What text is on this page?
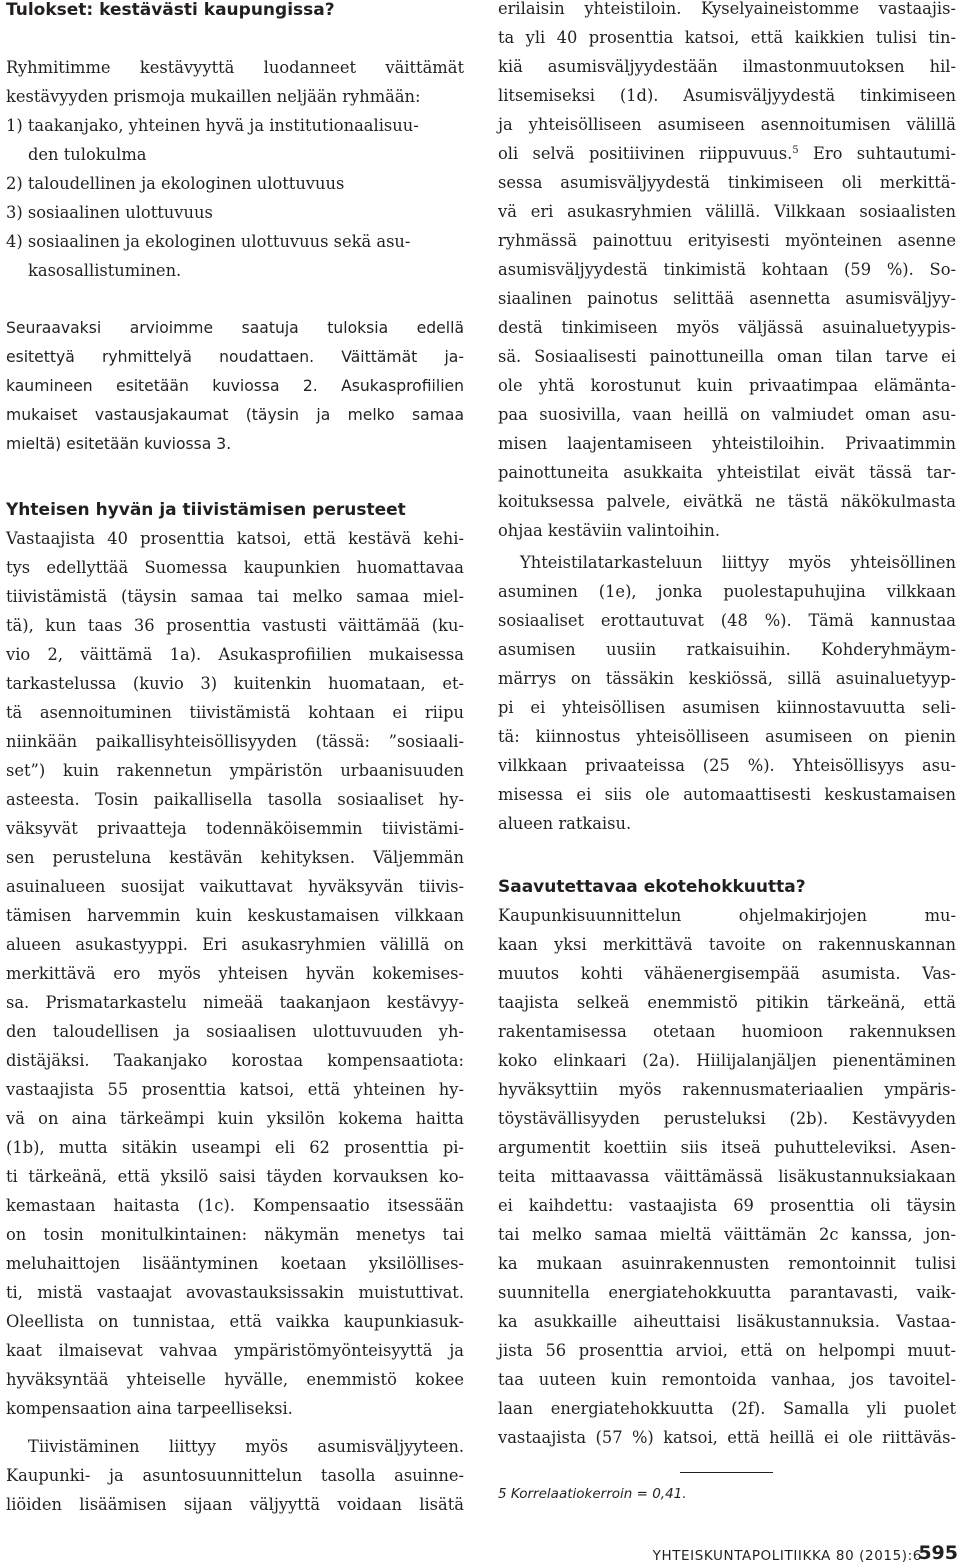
Tulokset: kestävästi kaupungissa?
Ryhmitimme kestävyyttä luodanneet väittämät
kestävyyden prismoja mukaillen neljään ryhmään:
1) taakanjako, yhteinen hyvä ja institutionaalisuu-
den tulokulma
2) taloudellinen ja ekologinen ulottuvuus
3) sosiaalinen ulottuvuus
4) sosiaalinen ja ekologinen ulottuvuus sekä asu-
kasosallistuminen.
Seuraavaksi arvioimme saatuja tuloksia edellä
esitettyä ryhmittelyä noudattaen. Väittämät ja-
kaumineen esitetään kuviossa 2. Asukasprofiilien
mukaiset vastausjakaumat (täysin ja melko samaa
mieltä) esitetään kuviossa 3.
Yhteisen hyvän ja tiivistämisen perusteet
Vastaajista 40 prosenttia katsoi, että kestävä kehi-
tys edellyttää Suomessa kaupunkien huomattavaa
tiivistämistä (täysin samaa tai melko samaa miel-
tä), kun taas 36 prosenttia vastusti väittämää (ku-
vio 2, väittämä 1a). Asukasprofiilien mukaisessa
tarkastelussa (kuvio 3) kuitenkin huomataan, et-
tä asennoituminen tiivistämistä kohtaan ei riipu
niinkään paikallisyhteisöllisyyden (tässä: ”sosiaali-
set”) kuin rakennetun ympäristön urbaanisuuden
asteesta. Tosin paikallisella tasolla sosiaaliset hy-
väksyvät privaatteja todennäköisemmin tiivistämi-
sen perusteluna kestävän kehityksen. Väljemmän
asuinalueen suosijat vaikuttavat hyväksyvän tiivis-
tämisen harvemmin kuin keskustamaisen vilkkaan
alueen asukastyyppi. Eri asukasryhmien välillä on
merkittävä ero myös yhteisen hyvän kokemises-
sa. Prismatarkastelu nimeää taakanjaon kestävyy-
den taloudellisen ja sosiaalisen ulottuvuuden yh-
distäjäksi. Taakanjako korostaa kompensaatiota:
vastaajista 55 prosenttia katsoi, että yhteinen hy-
vä on aina tärkeämpi kuin yksilön kokema haitta
(1b), mutta sitäkin useampi eli 62 prosenttia pi-
ti tärkeänä, että yksilö saisi täyden korvauksen ko-
kemastaan haitasta (1c). Kompensaatio itsessään
on tosin monitulkintainen: näkymän menetys tai
meluhaittojen lisääntyminen koetaan yksilöllises-
ti, mistä vastaajat avovastauksissakin muistuttivat.
Oleellista on tunnistaa, että vaikka kaupunkiasuk-
kaat ilmaisevat vahvaa ympäristömyönteisyyttä ja
hyväksyntää yhteiselle hyvälle, enemmistö kokee
kompensaation aina tarpeelliseksi.
Tiivistäminen liittyy myös asumisväljyyteen.
Kaupunki- ja asuntosuunnittelun tasolla asuinne-
liöiden lisäämisen sijaan väljyyttä voidaan lisätä
erilaisin yhteistiloin. Kyselyaineistomme vastaajis-
ta yli 40 prosenttia katsoi, että kaikkien tulisi tin-
kiä asumisväljyydestään ilmastonmuutoksen hil-
litsemiseksi (1d). Asumisväljyydestä tinkimiseen
ja yhteisölliseen asumiseen asennoitumisen välillä
oli selvä positiivinen riippuvuus.$^5$ Ero suhtautumi-
sessa asumisväljyydestä tinkimiseen oli merkittä-
vä eri asukasryhmien välillä. Vilkkaan sosiaalisten
ryhmässä painottuu erityisesti myönteinen asenne
asumisväljyydestä tinkimistä kohtaan (59 %). So-
siaalinen painotus selittää asennetta asumisväljyy-
destä tinkimiseen myös väljässä asuinaluetyypis-
sä. Sosiaalisesti painottuneilla oman tilan tarve ei
ole yhtä korostunut kuin privaatimpaa elämänta-
paa suosivilla, vaan heillä on valmiudet oman asu-
misen laajentamiseen yhteistiloihin. Privaatimmin
painottuneita asukkaita yhteistilat eivät tässä tar-
koituksessa palvele, eivätkä ne tästä näkökulmasta
ohjaa kestäviin valintoihin.
Yhteistilatarkasteluun liittyy myös yhteisöllinen
asuminen (1e), jonka puolestapuhujina vilkkaan
sosiaaliset erottautuvat (48 %). Tämä kannustaa
asumisen uusiin ratkaisuihin. Kohderyhmäym-
märrys on tässäkin keskiössä, sillä asuinaluetyyp-
pi ei yhteisöllisen asumisen kiinnostavuutta seli-
tä: kiinnostus yhteisölliseen asumiseen on pienin
vilkkaan privaateissa (25 %). Yhteisöllisyys asu-
misessa ei siis ole automaattisesti keskustamaisen
alueen ratkaisu.
Saavutettavaa ekotehokkuutta?
Kaupunkisuunnittelun ohjelmakirjojen mu-
kaan yksi merkittävä tavoite on rakennuskannan
muutos kohti vähäenergisempää asumista. Vas-
taajista selkeä enemmistö pitikin tärkeänä, että
rakentamisessa otetaan huomioon rakennuksen
koko elinkaari (2a). Hiilijalanjäljen pienentäminen
hyväksyttiin myös rakennusmateriaalien ympäris-
töystävällisyyden perusteluksi (2b). Kestävyyden
argumentit koettiin siis itseä puhutteleviksi. Asen-
teita mittaavassa väittämässä lisäkustannuksiakaan
ei kaihdettu: vastaajista 69 prosenttia oli täysin
tai melko samaa mieltä väittämän 2c kanssa, jon-
ka mukaan asuinrakennusten remontoinnit tulisi
suunnitella energiatehokkuutta parantavasti, vaik-
ka asukkaille aiheuttaisi lisäkustannuksia. Vastaa-
jista 56 prosenttia arvioi, että on helpompi muut-
taa uuteen kuin remontoida vanhaa, jos tavoitel-
laan energiatehokkuutta (2f). Samalla yli puolet
vastaajista (57 %) katsoi, että heillä ei ole riittäväs-
5 Korrelaatiokerroin = 0,41.
YHTEISKUNTAPOLITIIKKA 80 (2015):6
595
